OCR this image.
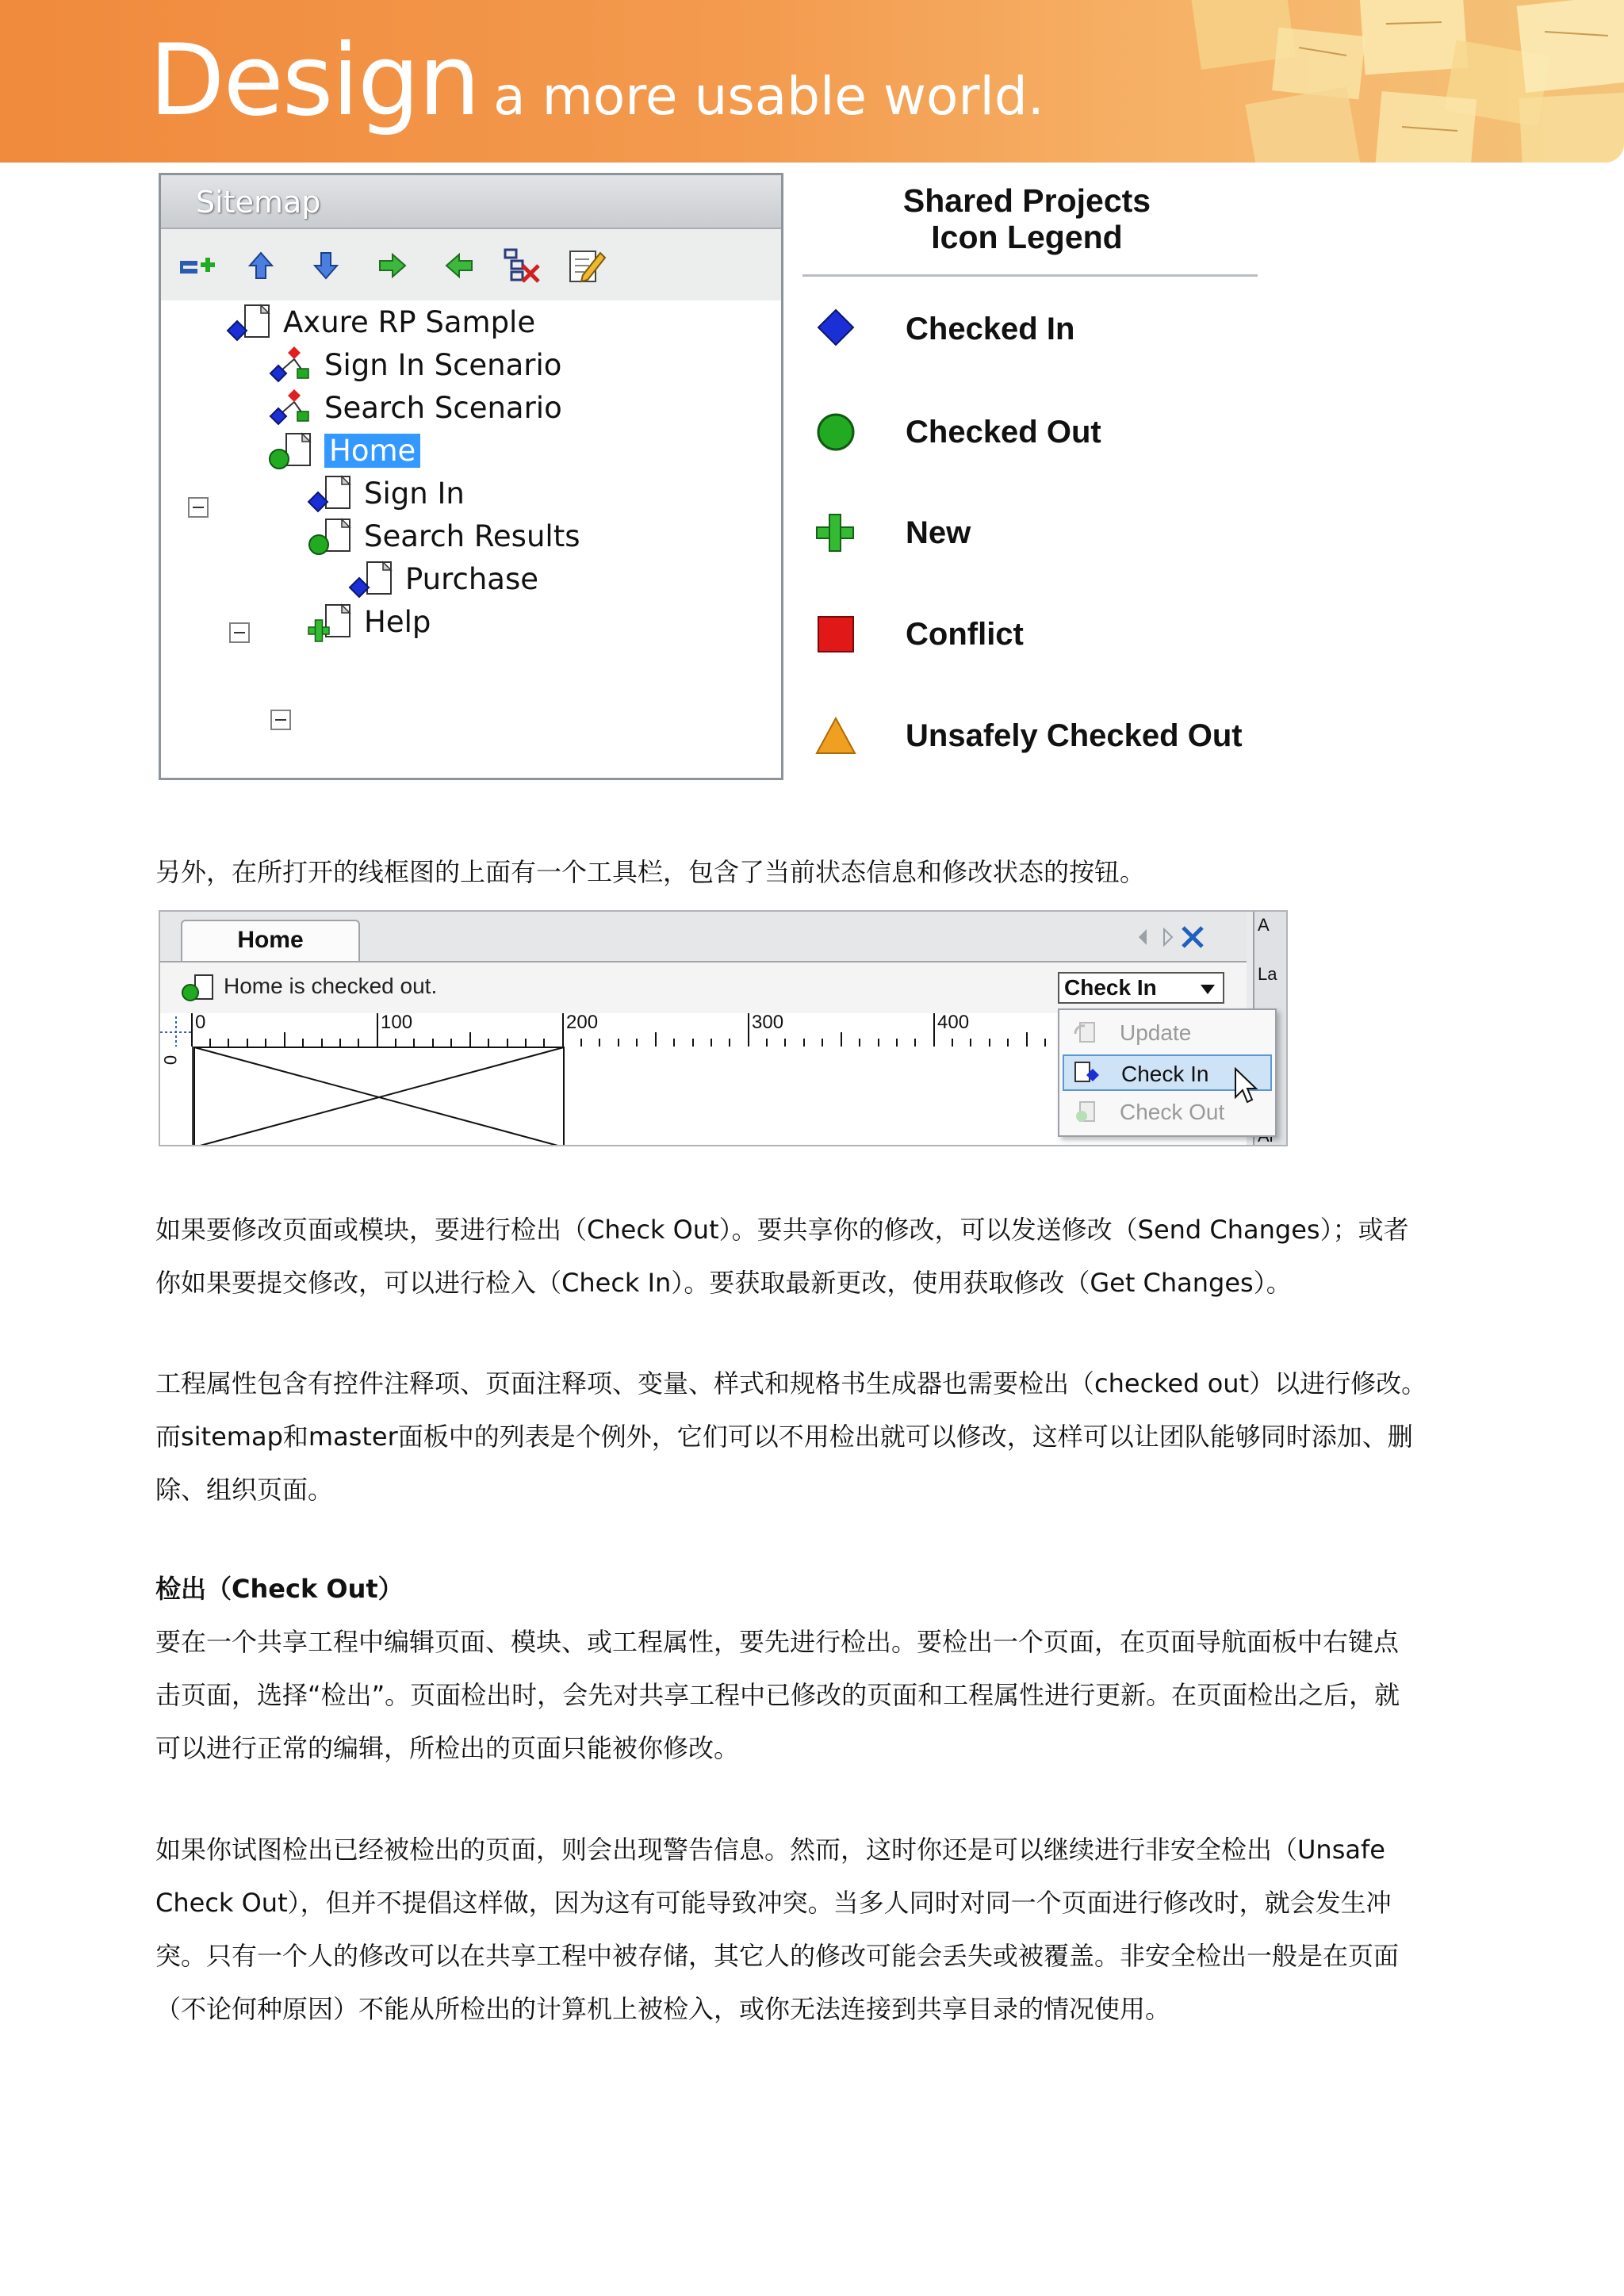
Design a more usable world.
Sitemap
Axure RP Sample
Sign In Scenario
Search Scenario
Home
Sign In
Search Results
Purchase
Help
Shared Projects
Icon Legend
Checked In
Checked Out
New
Conflict
Unsafely Checked Out
另外，在所打开的线框图的上面有一个工具栏，包含了当前状态信息和修改状态的按钮。
Home
Home is checked out.	Check In
0	100	200	300	400
0
A
La
Update
Check In
Check Out
如果要修改页面或模块，要进行检出（Check Out）。要共享你的修改，可以发送修改（Send Changes）；或者
你如果要提交修改，可以进行检入（Check In）。要获取最新更改，使用获取修改（Get Changes）。
工程属性包含有控件注释项、页面注释项、变量、样式和规格书生成器也需要检出（checked out）以进行修改。
而sitemap和master面板中的列表是个例外，它们可以不用检出就可以修改，这样可以让团队能够同时添加、删
除、组织页面。
检出（Check Out）
要在一个共享工程中编辑页面、模块、或工程属性，要先进行检出。要检出一个页面，在页面导航面板中右键点
击页面，选择“检出”。页面检出时，会先对共享工程中已修改的页面和工程属性进行更新。在页面检出之后，就
可以进行正常的编辑，所检出的页面只能被你修改。
如果你试图检出已经被检出的页面，则会出现警告信息。然而，这时你还是可以继续进行非安全检出（Unsafe
Check Out），但并不提倡这样做，因为这有可能导致冲突。当多人同时对同一个页面进行修改时，就会发生冲
突。只有一个人的修改可以在共享工程中被存储，其它人的修改可能会丢失或被覆盖。非安全检出一般是在页面
（不论何种原因）不能从所检出的计算机上被检入，或你无法连接到共享目录的情况使用。
